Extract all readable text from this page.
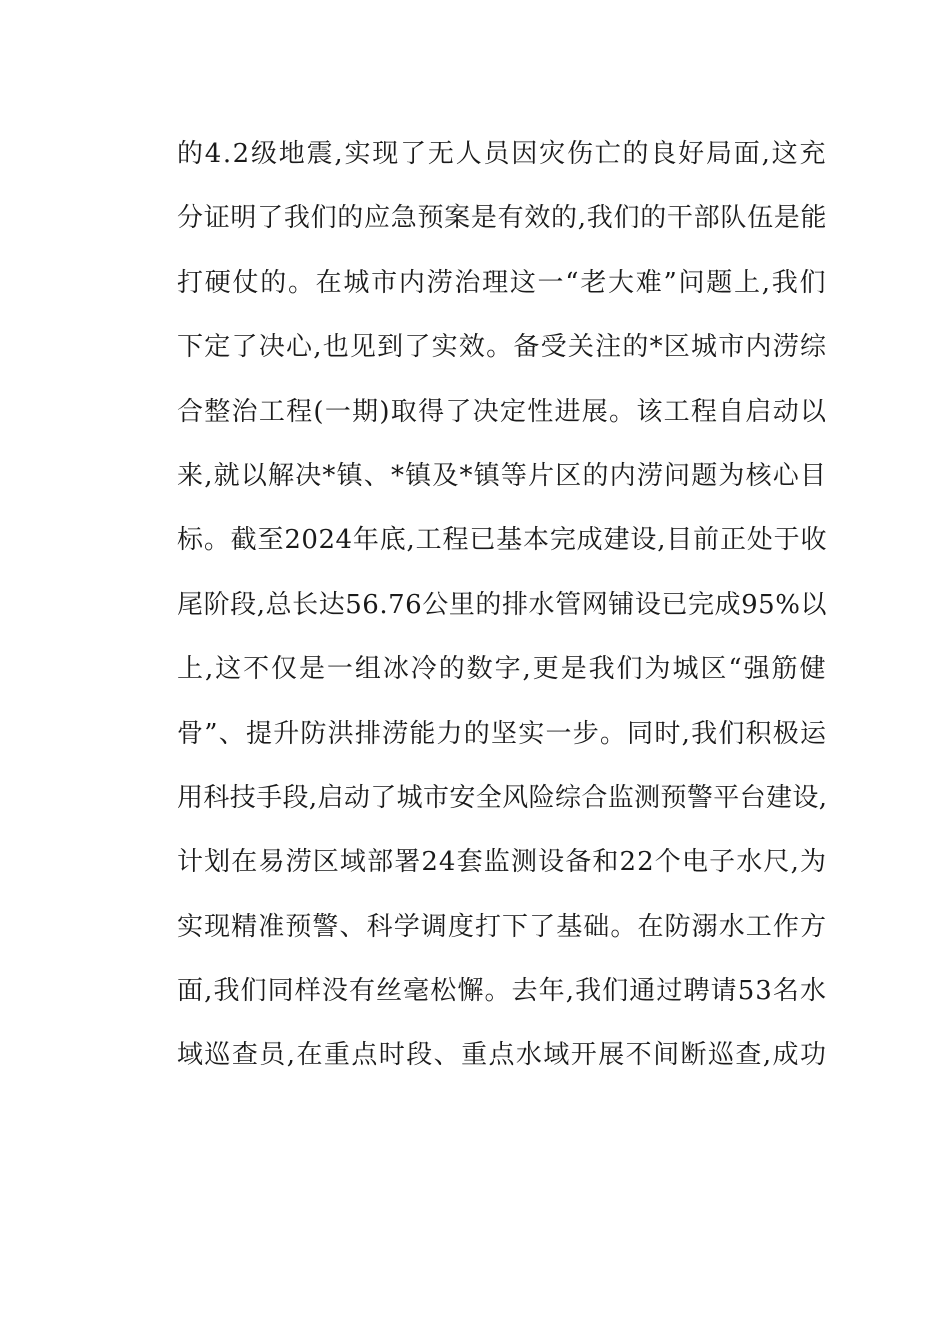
的4.2级地震,实现了无人员因灾伤亡的良好局面,这充
分证明了我们的应急预案是有效的,我们的干部队伍是能
打硬仗的。在城市内涝治理这一“老大难”问题上,我们
下定了决心,也见到了实效。备受关注的*区城市内涝综
合整治工程(一期)取得了决定性进展。该工程自启动以
来,就以解决*镇、*镇及*镇等片区的内涝问题为核心目
标。截至2024年底,工程已基本完成建设,目前正处于收
尾阶段,总长达56.76公里的排水管网铺设已完成95%以
上,这不仅是一组冰冷的数字,更是我们为城区“强筋健
骨”、提升防洪排涝能力的坚实一步。同时,我们积极运
用科技手段,启动了城市安全风险综合监测预警平台建设,
计划在易涝区域部署24套监测设备和22个电子水尺,为
实现精准预警、科学调度打下了基础。在防溺水工作方
面,我们同样没有丝毫松懈。去年,我们通过聘请53名水
域巡查员,在重点时段、重点水域开展不间断巡查,成功
